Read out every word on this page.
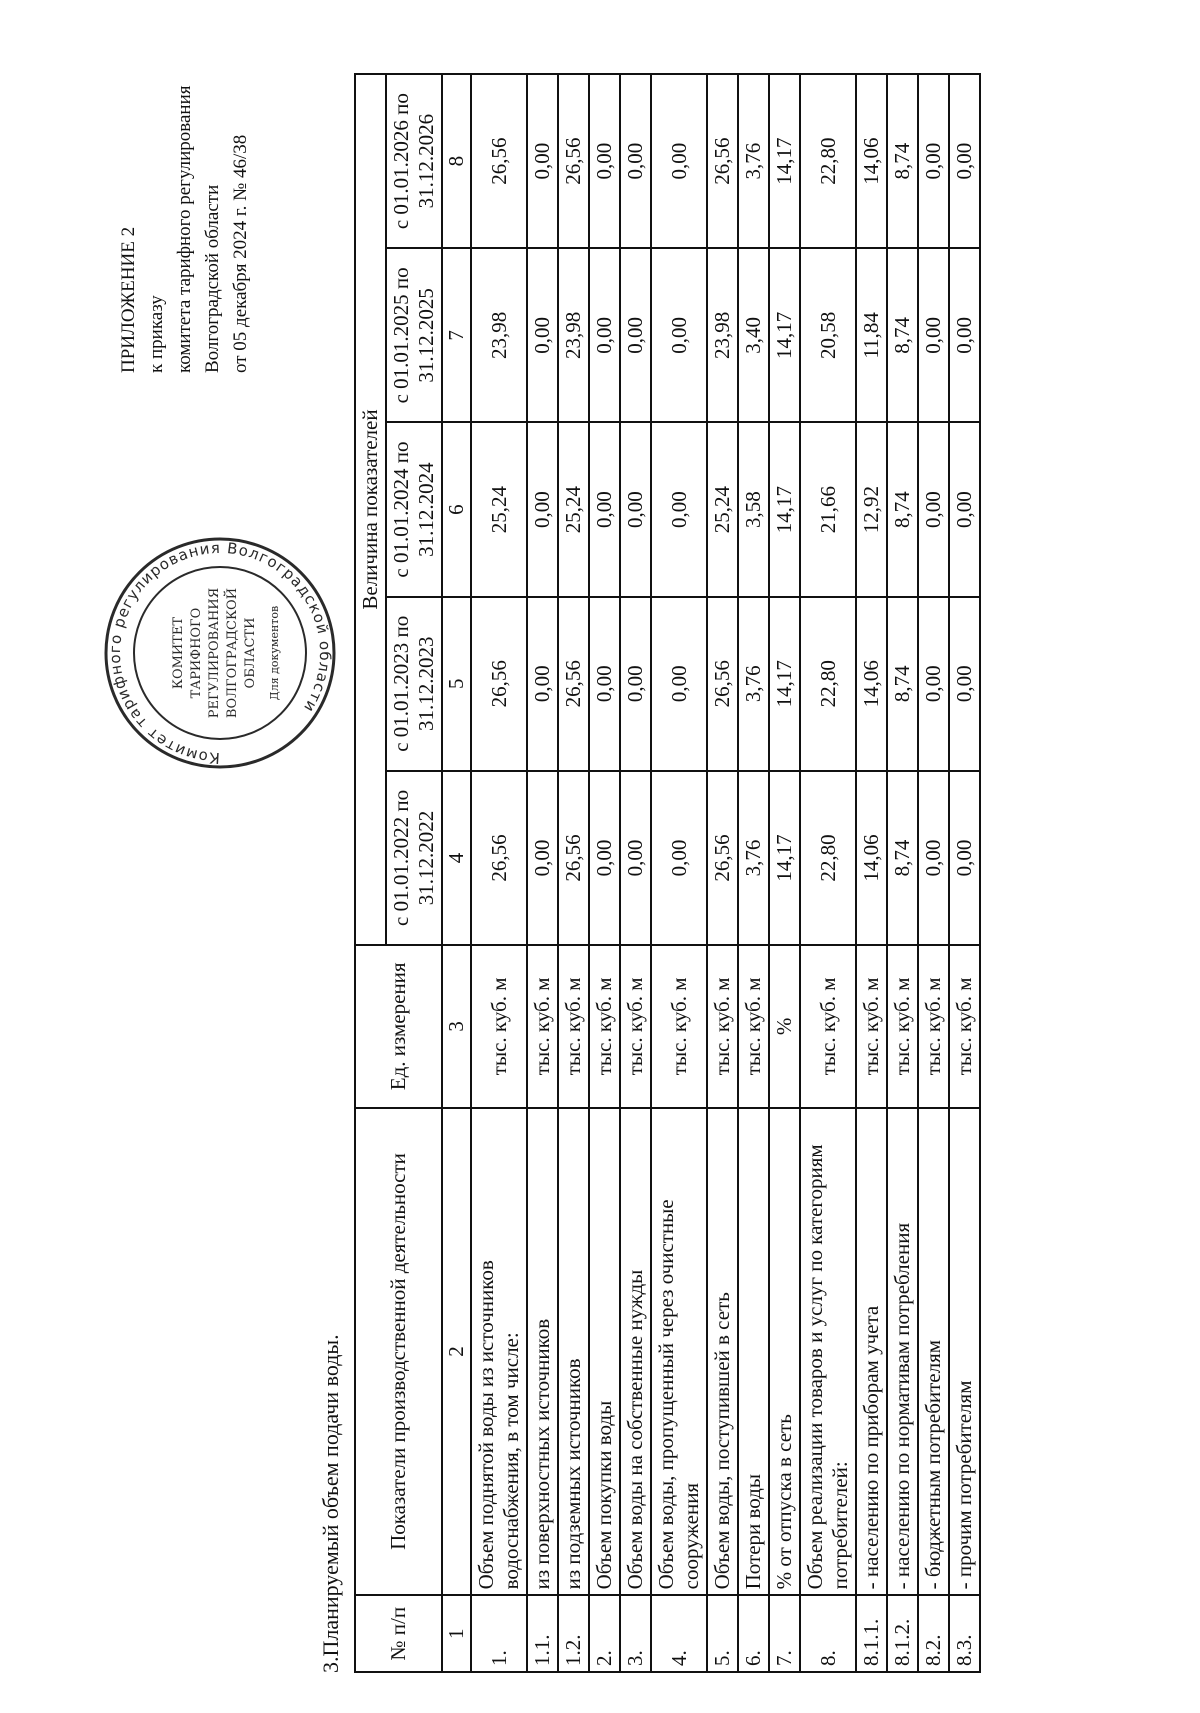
ПРИЛОЖЕНИЕ 2 к приказу комитета тарифного регулирования Волгоградской области от 05 декабря 2024 г. № 46/38
Комитет тарифного регулирования Волгоградской области
КОМИТЕТ ТАРИФНОГО РЕГУЛИРОВАНИЯ ВОЛГОГРАДСКОЙ ОБЛАСТИ Для документов
3.Планируемый объем подачи воды. № п/п	Показатели производственной деятельности	Ед. измерения	Величина показателей				
			с 01.01.2022 по 31.12.2022	с 01.01.2023 по 31.12.2023	с 01.01.2024 по 31.12.2024	с 01.01.2025 по 31.12.2025	с 01.01.2026 по 31.12.2026
1	2	3	4	5	6	7	8
1.	Объем поднятой воды из источников водоснабжения, в том числе:	тыс. куб. м	26,56	26,56	25,24	23,98	26,56
1.1.	из поверхностных источников	тыс. куб. м	0,00	0,00	0,00	0,00	0,00
1.2.	из подземных источников	тыс. куб. м	26,56	26,56	25,24	23,98	26,56
2.	Объем покупки воды	тыс. куб. м	0,00	0,00	0,00	0,00	0,00
3.	Объем воды на собственные нужды	тыс. куб. м	0,00	0,00	0,00	0,00	0,00
4.	Объем воды, пропущенный через очистные сооружения	тыс. куб. м	0,00	0,00	0,00	0,00	0,00
5.	Объем воды, поступившей в сеть	тыс. куб. м	26,56	26,56	25,24	23,98	26,56
6.	Потери воды	тыс. куб. м	3,76	3,76	3,58	3,40	3,76
7.	% от отпуска в сеть	%	14,17	14,17	14,17	14,17	14,17
8.	Объем реализации товаров и услуг по категориям потребителей:	тыс. куб. м	22,80	22,80	21,66	20,58	22,80
8.1.1.	- населению по приборам учета	тыс. куб. м	14,06	14,06	12,92	11,84	14,06
8.1.2.	- населению по нормативам потребления	тыс. куб. м	8,74	8,74	8,74	8,74	8,74
8.2.	- бюджетным потребителям	тыс. куб. м	0,00	0,00	0,00	0,00	0,00
8.3.	- прочим потребителям	тыс. куб. м	0,00	0,00	0,00	0,00	0,00
